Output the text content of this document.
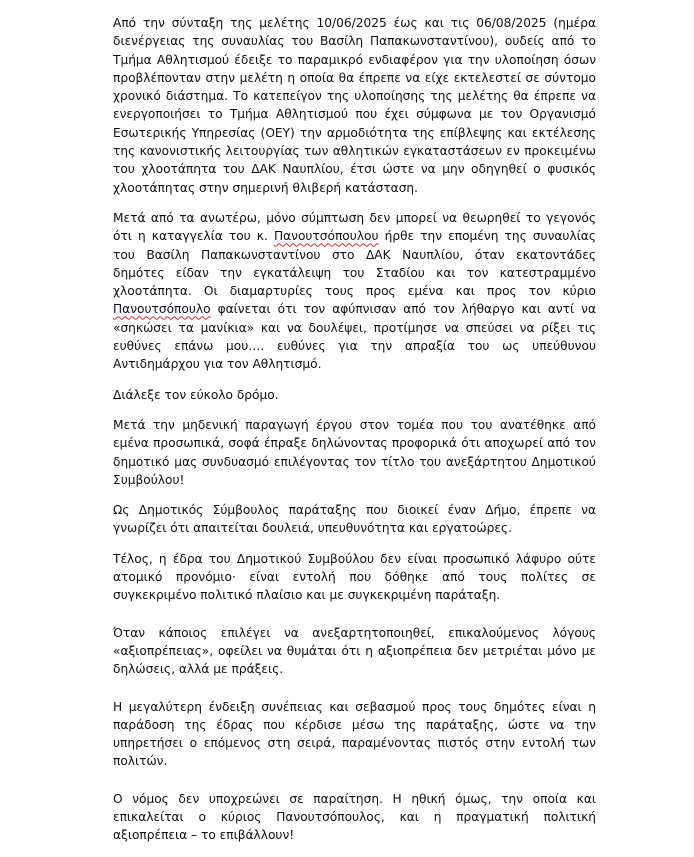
Από την σύνταξη της μελέτης 10/06/2025 έως και τις 06/08/2025 (ημέρα διενέργειας της συναυλίας του Βασίλη Παπακωνσταντίνου), ουδείς από το Τμήμα Αθλητισμού έδειξε το παραμικρό ενδιαφέρον για την υλοποίηση όσων προβλέπονταν στην μελέτη η οποία θα έπρεπε να είχε εκτελεστεί σε σύντομο χρονικό διάστημα. Το κατεπείγον της υλοποίησης της μελέτης θα έπρεπε να ενεργοποιήσει το Τμήμα Αθλητισμού που έχει σύμφωνα με τον Οργανισμό Εσωτερικής Υπηρεσίας (ΟΕΥ) την αρμοδιότητα της επίβλεψης και εκτέλεσης της κανονιστικής λειτουργίας των αθλητικών εγκαταστάσεων εν προκειμένω του χλοοτάπητα του ΔΑΚ Ναυπλίου, έτσι ώστε να μην οδηγηθεί ο φυσικός χλοοτάπητας στην σημερινή θλιβερή κατάσταση.

Μετά από τα ανωτέρω, μόνο σύμπτωση δεν μπορεί να θεωρηθεί το γεγονός ότι η καταγγελία του κ. Πανουτσόπουλου ήρθε την επομένη της συναυλίας του Βασίλη Παπακωνσταντίνου στο ΔΑΚ Ναυπλίου, όταν εκατοντάδες δημότες είδαν την εγκατάλειψη του Σταδίου και τον κατεστραμμένο χλοοτάπητα. Οι διαμαρτυρίες τους προς εμένα και προς τον κύριο Πανουτσόπουλο φαίνεται ότι τον αφύπνισαν από τον λήθαργο και αντί να «σηκώσει τα μανίκια» και να δουλέψει, προτίμησε να σπεύσει να ρίξει τις ευθύνες επάνω μου…. ευθύνες για την απραξία του ως υπεύθυνου Αντιδημάρχου για τον Αθλητισμό.

Διάλεξε τον εύκολο δρόμο.

Μετά την μηδενική παραγωγή έργου στον τομέα που του ανατέθηκε από εμένα προσωπικά, σοφά έπραξε δηλώνοντας προφορικά ότι αποχωρεί από τον δημοτικό μας συνδυασμό επιλέγοντας τον τίτλο του ανεξάρτητου Δημοτικού Συμβούλου!

Ως Δημοτικός Σύμβουλος παράταξης που διοικεί έναν Δήμο, έπρεπε να γνωρίζει ότι απαιτείται δουλειά, υπευθυνότητα και εργατοώρες.

Τέλος, η έδρα του Δημοτικού Συμβούλου δεν είναι προσωπικό λάφυρο ούτε ατομικό προνόμιο· είναι εντολή που δόθηκε από τους πολίτες σε συγκεκριμένο πολιτικό πλαίσιο και με συγκεκριμένη παράταξη.

Όταν κάποιος επιλέγει να ανεξαρτητοποιηθεί, επικαλούμενος λόγους «αξιοπρέπειας», οφείλει να θυμάται ότι η αξιοπρέπεια δεν μετριέται μόνο με δηλώσεις, αλλά με πράξεις.

Η μεγαλύτερη ένδειξη συνέπειας και σεβασμού προς τους δημότες είναι η παράδοση της έδρας που κέρδισε μέσω της παράταξης, ώστε να την υπηρετήσει ο επόμενος στη σειρά, παραμένοντας πιστός στην εντολή των πολιτών.

Ο νόμος δεν υποχρεώνει σε παραίτηση. Η ηθική όμως, την οποία και επικαλείται ο κύριος Πανουτσόπουλος, και η πραγματική πολιτική αξιοπρέπεια – το επιβάλλουν!
